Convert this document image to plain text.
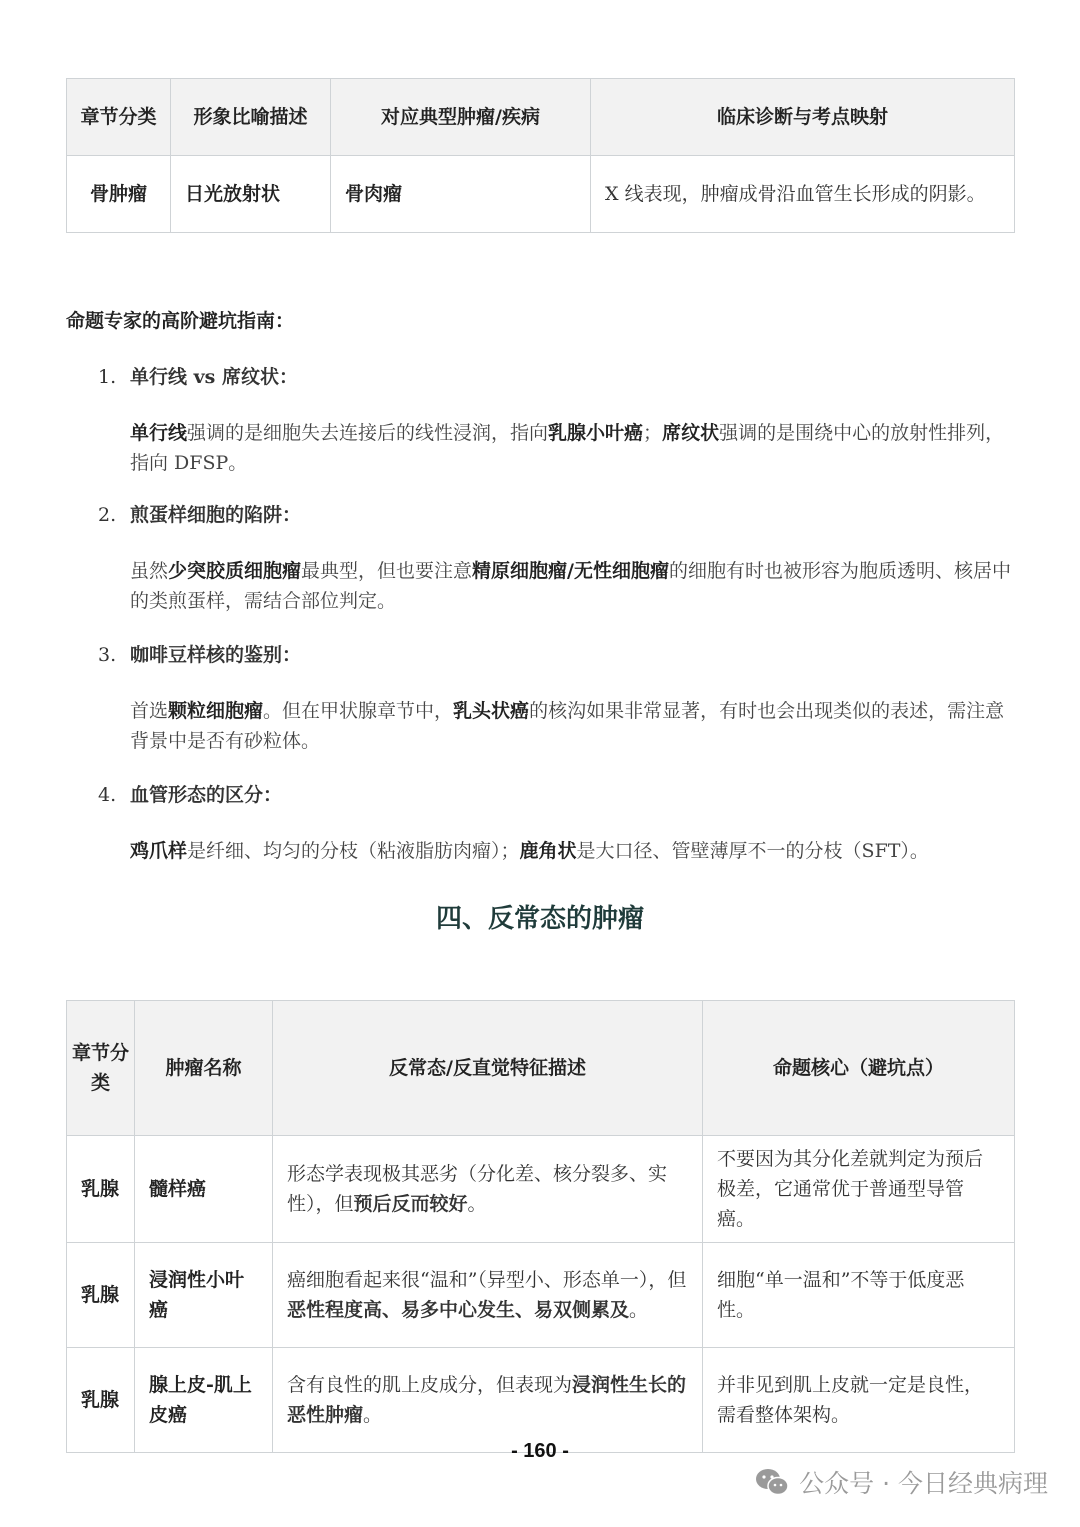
章节分类	形象比喻描述	对应典型肿瘤/疾病	临床诊断与考点映射
骨肿瘤	日光放射状	骨肉瘤	X 线表现，肿瘤成骨沿血管生长形成的阴影。

命题专家的高阶避坑指南：

1. 单行线 vs 席纹状：

单行线强调的是细胞失去连接后的线性浸润，指向乳腺小叶癌；席纹状强调的是围绕中心的放射性排列，指向 DFSP。

2. 煎蛋样细胞的陷阱：

虽然少突胶质细胞瘤最典型，但也要注意精原细胞瘤/无性细胞瘤的细胞有时也被形容为胞质透明、核居中的类煎蛋样，需结合部位判定。

3. 咖啡豆样核的鉴别：

首选颗粒细胞瘤。但在甲状腺章节中，乳头状癌的核沟如果非常显著，有时也会出现类似的表述，需注意背景中是否有砂粒体。

4. 血管形态的区分：

鸡爪样是纤细、均匀的分枝（粘液脂肪肉瘤）；鹿角状是大口径、管壁薄厚不一的分枝（SFT）。

四、反常态的肿瘤
章节分类	肿瘤名称	反常态/反直觉特征描述	命题核心（避坑点）
乳腺	髓样癌	形态学表现极其恶劣（分化差、核分裂多、实性），但预后反而较好。	不要因为其分化差就判定为预后极差，它通常优于普通型导管癌。
乳腺	浸润性小叶癌	癌细胞看起来很“温和”（异型小、形态单一），但恶性程度高、易多中心发生、易双侧累及。	细胞“单一温和”不等于低度恶性。
乳腺	腺上皮-肌上皮癌	含有良性的肌上皮成分，但表现为浸润性生长的恶性肿瘤。	并非见到肌上皮就一定是良性，需看整体架构。
- 160 -
公众号 · 今日经典病理
